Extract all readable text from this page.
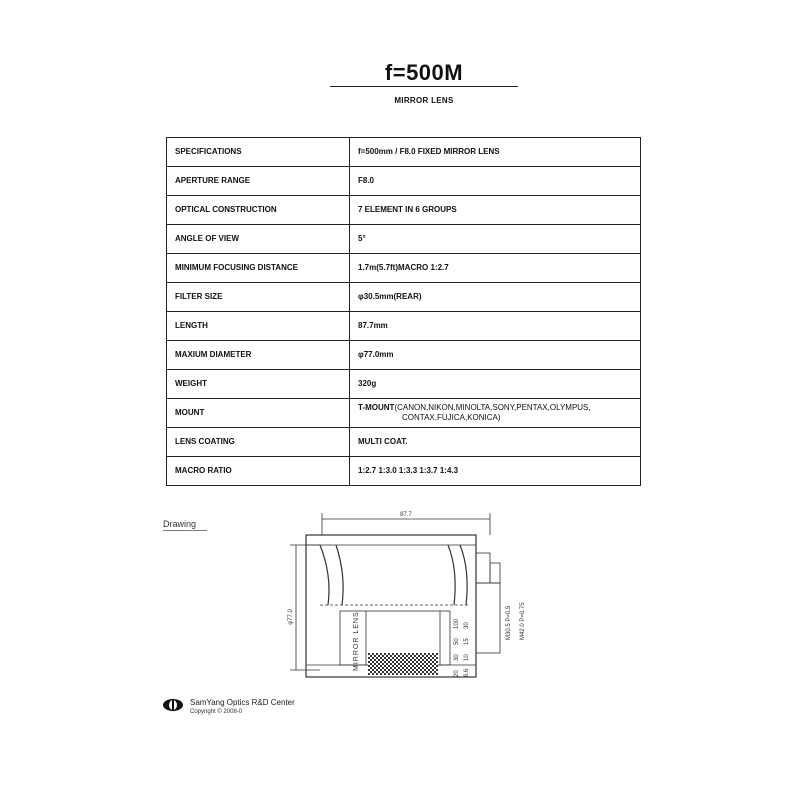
f=500M
MIRROR LENS
SPECIFICATIONS	f=500mm / F8.0 FIXED MIRROR LENS
APERTURE RANGE	F8.0
OPTICAL CONSTRUCTION	7 ELEMENT IN 6 GROUPS
ANGLE OF VIEW	5°
MINIMUM FOCUSING DISTANCE	1.7m(5.7ft)MACRO 1:2.7
FILTER SIZE	φ30.5mm(REAR)
LENGTH	87.7mm
MAXIUM DIAMETER	φ77.0mm
WEIGHT	320g
MOUNT	T-MOUNT(CANON,NIKON,MINOLTA,SONY,PENTAX,OLYMPUS,
CONTAX,FUJICA,KONICA)

LENS COATING	MULTI COAT.
MACRO RATIO	1:2.7 1:3.0 1:3.3 1:3.7 1:4.3
Drawing
87.7
φ77.0	M30.5 P=0.5 M42.0 P=0.75
MIRROR LENS
20
30
50
100
6.6
10
15
30
SamYang Optics R&D Center
Copyright © 2008-0
